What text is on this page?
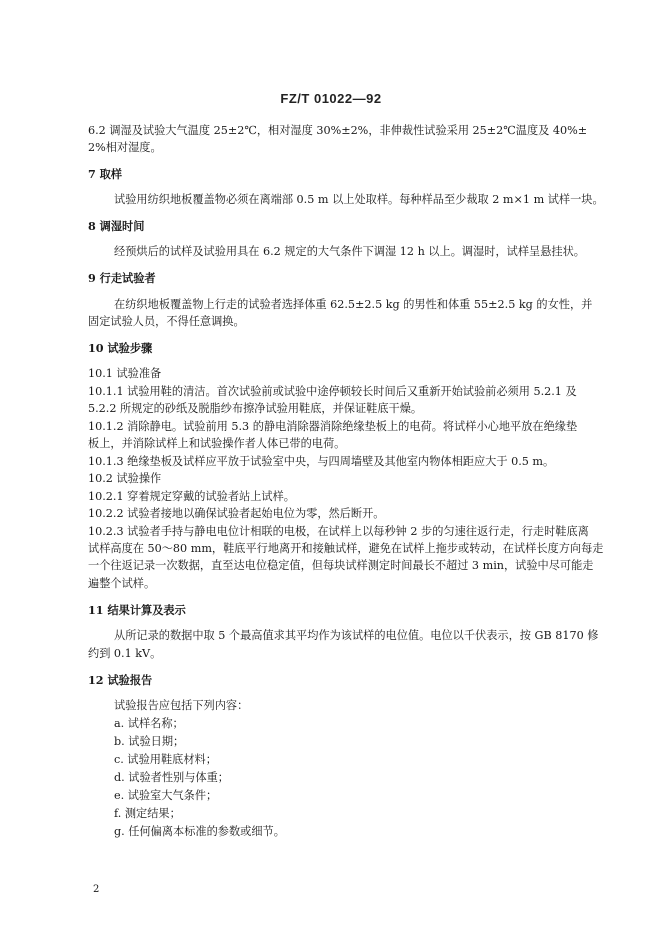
FZ/T 01022—92
6.2 调湿及试验大气温度 25±2℃，相对湿度 30%±2%，非伸裁性试验采用 25±2℃温度及 40%±
2%相对湿度。
7 取样
试验用纺织地板覆盖物必须在离端部 0.5 m 以上处取样。每种样品至少裁取 2 m×1 m 试样一块。
8 调湿时间
经预烘后的试样及试验用具在 6.2 规定的大气条件下调湿 12 h 以上。调湿时，试样呈悬挂状。
9 行走试验者
在纺织地板覆盖物上行走的试验者选择体重 62.5±2.5 kg 的男性和体重 55±2.5 kg 的女性，并
固定试验人员，不得任意调换。
10 试验步骤
10.1 试验准备
10.1.1 试验用鞋的清洁。首次试验前或试验中途停顿较长时间后又重新开始试验前必须用 5.2.1 及
5.2.2 所规定的砂纸及脱脂纱布擦净试验用鞋底，并保证鞋底干燥。
10.1.2 消除静电。试验前用 5.3 的静电消除器消除绝缘垫板上的电荷。将试样小心地平放在绝缘垫
板上，并消除试样上和试验操作者人体已带的电荷。
10.1.3 绝缘垫板及试样应平放于试验室中央，与四周墙壁及其他室内物体相距应大于 0.5 m。
10.2 试验操作
10.2.1 穿着规定穿戴的试验者站上试样。
10.2.2 试验者接地以确保试验者起始电位为零，然后断开。
10.2.3 试验者手持与静电电位计相联的电极，在试样上以每秒钟 2 步的匀速往返行走，行走时鞋底离
试样高度在 50～80 mm，鞋底平行地离开和接触试样，避免在试样上拖步或转动，在试样长度方向每走
一个往返记录一次数据，直至达电位稳定值，但每块试样测定时间最长不超过 3 min，试验中尽可能走
遍整个试样。
11 结果计算及表示
从所记录的数据中取 5 个最高值求其平均作为该试样的电位值。电位以千伏表示，按 GB 8170 修
约到 0.1 kV。
12 试验报告
试验报告应包括下列内容：
a. 试样名称；
b. 试验日期；
c. 试验用鞋底材料；
d. 试验者性别与体重；
e. 试验室大气条件；
f. 测定结果；
g. 任何偏离本标准的参数或细节。
2
